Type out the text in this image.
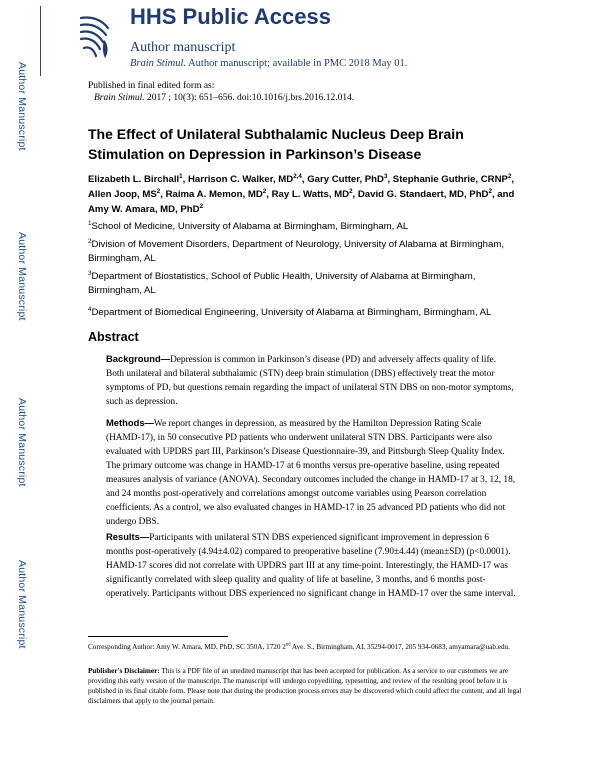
Author Manuscript
Author Manuscript
Author Manuscript
Author Manuscript
HHS Public Access
Author manuscript
Brain Stimul. Author manuscript; available in PMC 2018 May 01.
Published in final edited form as:
Brain Stimul. 2017 ; 10(3): 651–656. doi:10.1016/j.brs.2016.12.014.
The Effect of Unilateral Subthalamic Nucleus Deep Brain Stimulation on Depression in Parkinson’s Disease
Elizabeth L. Birchall$^1$, Harrison C. Walker, MD$^{2,4}$, Gary Cutter, PhD$^3$, Stephanie Guthrie, CRNP$^2$, Allen Joop, $MS^2$, Raima A. Memon, $MD^2$, Ray L. Watts, $MD^2$, David G. Standaert, MD, PhD$^2$, and Amy W. Amara, MD, PhD$^2$
$^1$School of Medicine, University of Alabama at Birmingham, Birmingham, AL
$^2$Division of Movement Disorders, Department of Neurology, University of Alabama at Birmingham, Birmingham, AL
$^3$Department of Biostatistics, School of Public Health, University of Alabama at Birmingham, Birmingham, AL
$^4$Department of Biomedical Engineering, University of Alabama at Birmingham, Birmingham, AL
Abstract
Background—Depression is common in Parkinson’s disease (PD) and adversely affects quality of life. Both unilateral and bilateral subthalamic (STN) deep brain stimulation (DBS) effectively treat the motor symptoms of PD, but questions remain regarding the impact of unilateral STN DBS on non-motor symptoms, such as depression.
Methods—We report changes in depression, as measured by the Hamilton Depression Rating Scale (HAMD-17), in 50 consecutive PD patients who underwent unilateral STN DBS. Participants were also evaluated with UPDRS part III, Parkinson’s Disease Questionnaire-39, and Pittsburgh Sleep Quality Index. The primary outcome was change in HAMD-17 at 6 months versus pre-operative baseline, using repeated measures analysis of variance (ANOVA). Secondary outcomes included the change in HAMD-17 at 3, 12, 18, and 24 months post-operatively and correlations amongst outcome variables using Pearson correlation coefficients. As a control, we also evaluated changes in HAMD-17 in 25 advanced PD patients who did not undergo DBS.
Results—Participants with unilateral STN DBS experienced significant improvement in depression 6 months post-operatively (4.94±4.02) compared to preoperative baseline (7.90±4.44) (mean±SD) (p<0.0001). HAMD-17 scores did not correlate with UPDRS part III at any time-point. Interestingly, the HAMD-17 was significantly correlated with sleep quality and quality of life at baseline, 3 months, and 6 months post-operatively. Participants without DBS experienced no significant change in HAMD-17 over the same interval.
Corresponding Author: Amy W. Amara, MD, PhD, SC 350A, 1720 2nd Ave. S., Birmingham, AL 35294-0017, 205 934-0683, amyamara@uab.edu.
Publisher's Disclaimer: This is a PDF file of an unedited manuscript that has been accepted for publication. As a service to our customers we are providing this early version of the manuscript. The manuscript will undergo copyediting, typesetting, and review of the resulting proof before it is published in its final citable form. Please note that during the production process errors may be discovered which could affect the content, and all legal disclaimers that apply to the journal pertain.
